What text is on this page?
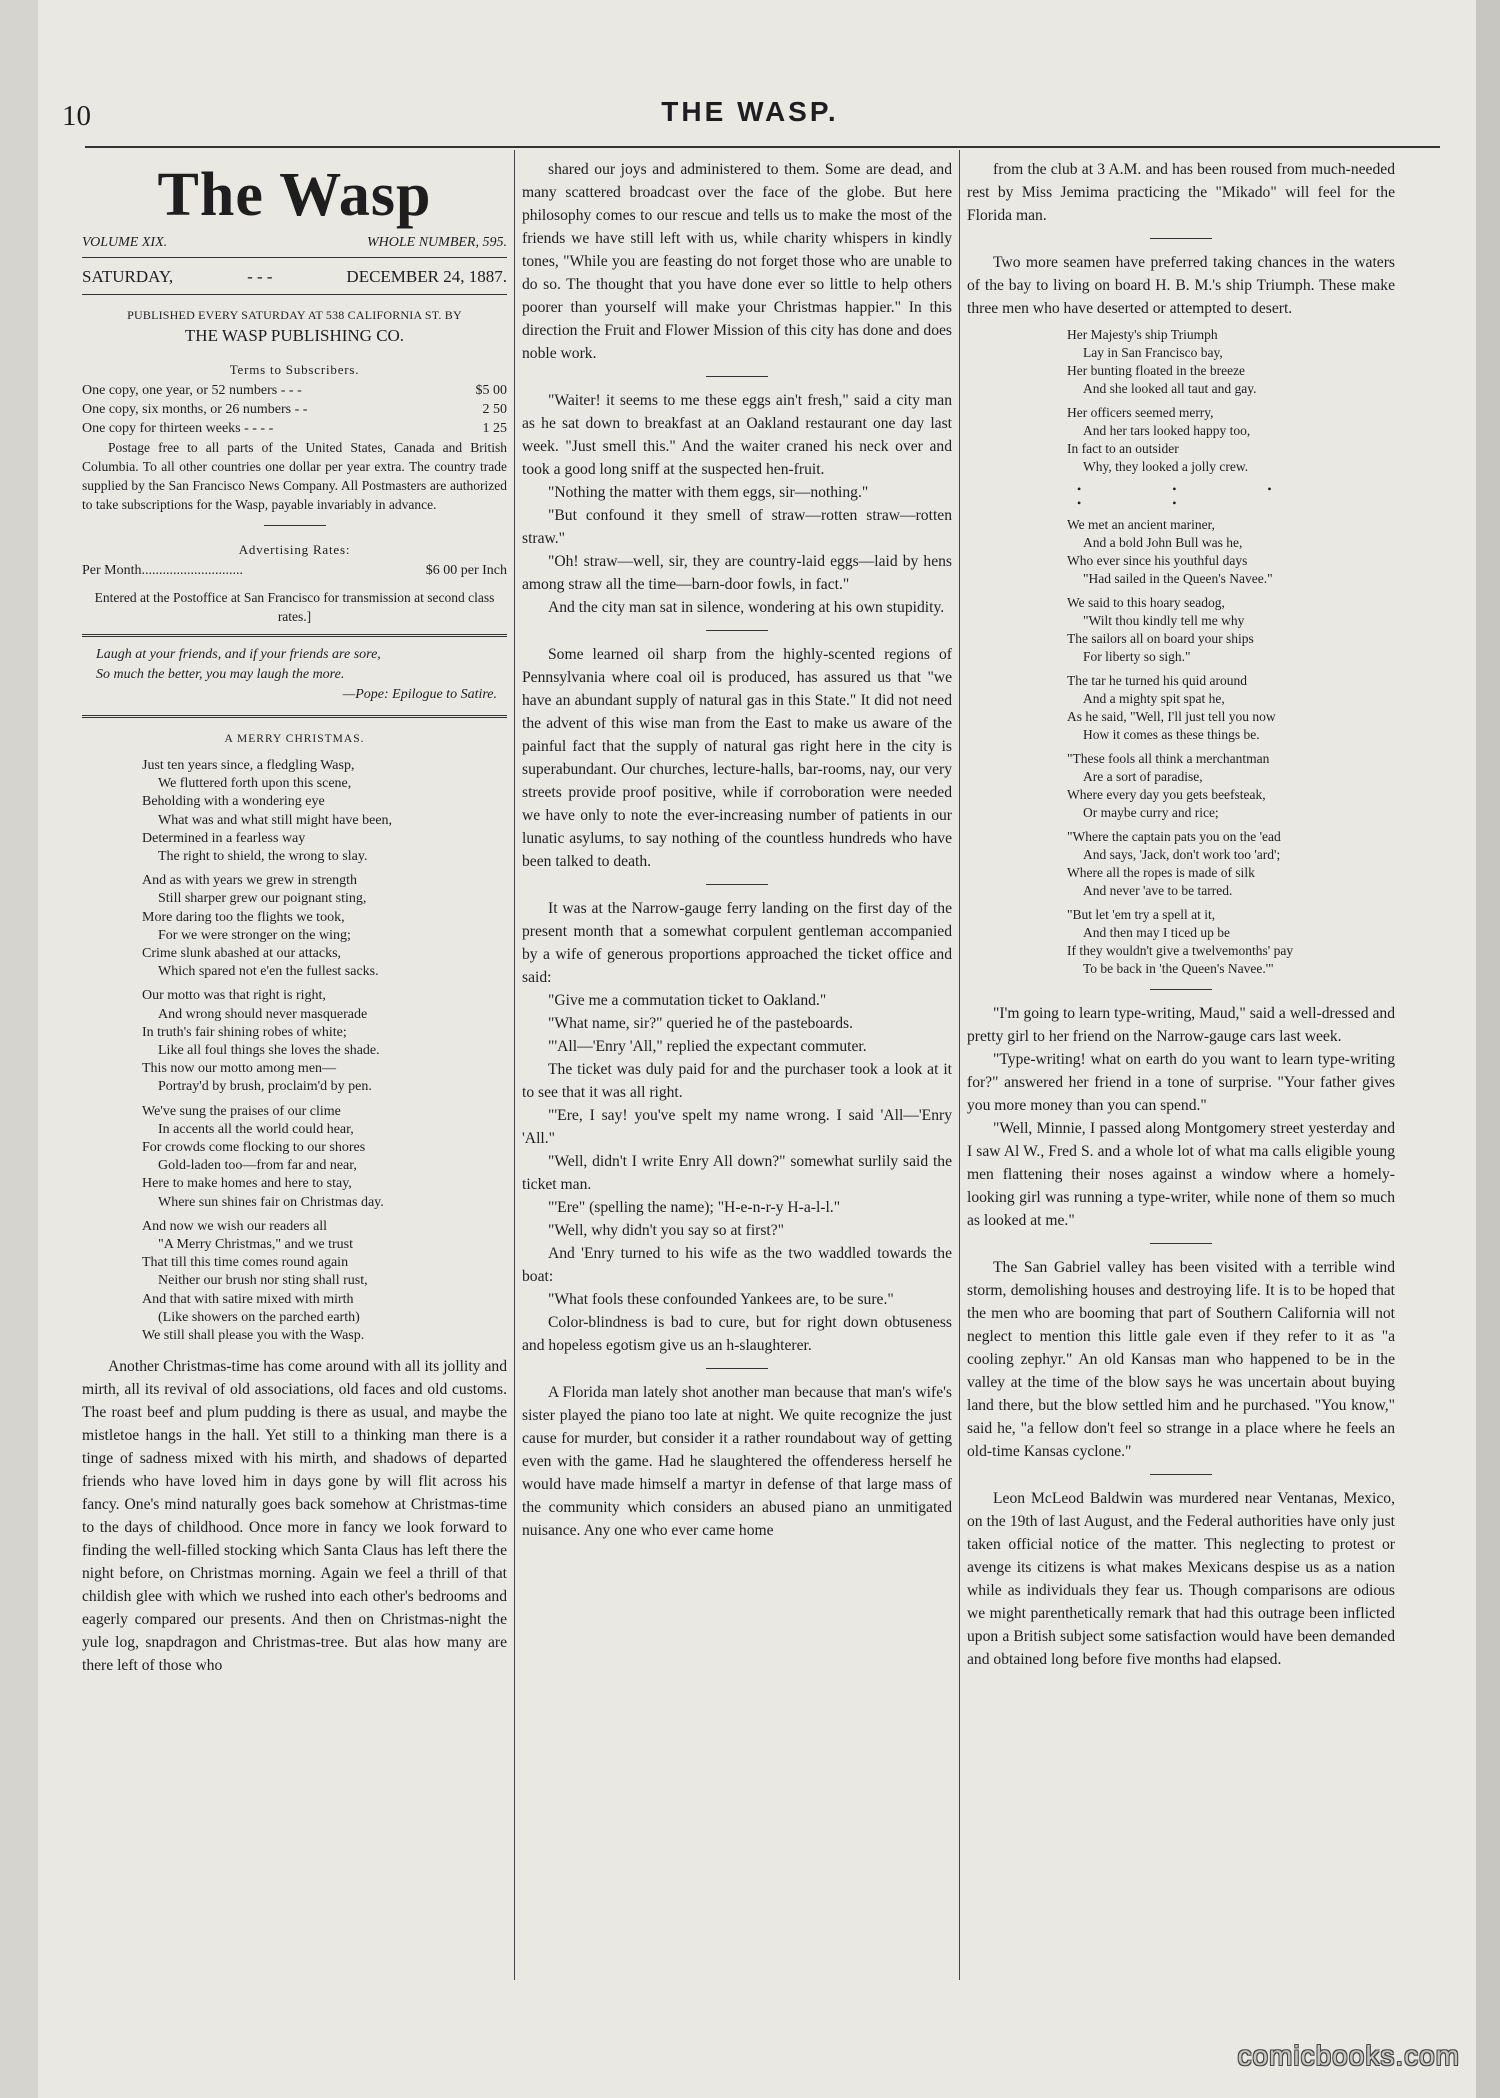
10	THE WASP.
The Wasp
VOLUME XIX.	WHOLE NUMBER, 595.
SATURDAY,	- - -	DECEMBER 24, 1887.
PUBLISHED EVERY SATURDAY AT 538 CALIFORNIA ST. BY
THE WASP PUBLISHING CO.
Terms to Subscribers.
One copy, one year, or 52 numbers - - -	$5 00
One copy, six months, or 26 numbers - -	2 50
One copy for thirteen weeks - - - -	1 25

Postage free to all parts of the United States, Canada and British Columbia. To all other countries one dollar per year extra. The country trade supplied by the San Francisco News Company. All Postmasters are authorized to take subscriptions for the Wasp, payable invariably in advance.

Advertising Rates:
Per Month.............................	$6 00 per Inch
Entered at the Postoffice at San Francisco for transmission at second class rates.]
Laugh at your friends, and if your friends are sore,
So much the better, you may laugh the more.
—Pope: Epilogue to Satire.
A MERRY CHRISTMAS.
Just ten years since, a fledgling Wasp,
We fluttered forth upon this scene,
Beholding with a wondering eye
What was and what still might have been,
Determined in a fearless way
The right to shield, the wrong to slay.
And as with years we grew in strength
Still sharper grew our poignant sting,
More daring too the flights we took,
For we were stronger on the wing;
Crime slunk abashed at our attacks,
Which spared not e'en the fullest sacks.
Our motto was that right is right,
And wrong should never masquerade
In truth's fair shining robes of white;
Like all foul things she loves the shade.
This now our motto among men—
Portray'd by brush, proclaim'd by pen.
We've sung the praises of our clime
In accents all the world could hear,
For crowds come flocking to our shores
Gold-laden too—from far and near,
Here to make homes and here to stay,
Where sun shines fair on Christmas day.
And now we wish our readers all
"A Merry Christmas," and we trust
That till this time comes round again
Neither our brush nor sting shall rust,
And that with satire mixed with mirth
(Like showers on the parched earth)
We still shall please you with the Wasp.

Another Christmas-time has come around with all its jollity and mirth, all its revival of old associations, old faces and old customs. The roast beef and plum pudding is there as usual, and maybe the mistletoe hangs in the hall. Yet still to a thinking man there is a tinge of sadness mixed with his mirth, and shadows of departed friends who have loved him in days gone by will flit across his fancy. One's mind naturally goes back somehow at Christmas-time to the days of childhood. Once more in fancy we look forward to finding the well-filled stocking which Santa Claus has left there the night before, on Christmas morning. Again we feel a thrill of that childish glee with which we rushed into each other's bedrooms and eagerly compared our presents. And then on Christmas-night the yule log, snapdragon and Christmas-tree. But alas how many are there left of those who

shared our joys and administered to them. Some are dead, and many scattered broadcast over the face of the globe. But here philosophy comes to our rescue and tells us to make the most of the friends we have still left with us, while charity whispers in kindly tones, "While you are feasting do not forget those who are unable to do so. The thought that you have done ever so little to help others poorer than yourself will make your Christmas happier." In this direction the Fruit and Flower Mission of this city has done and does noble work.

"Waiter! it seems to me these eggs ain't fresh," said a city man as he sat down to breakfast at an Oakland restaurant one day last week. "Just smell this." And the waiter craned his neck over and took a good long sniff at the suspected hen-fruit.

"Nothing the matter with them eggs, sir—nothing."

"But confound it they smell of straw—rotten straw—rotten straw."

"Oh! straw—well, sir, they are country-laid eggs—laid by hens among straw all the time—barn-door fowls, in fact."

And the city man sat in silence, wondering at his own stupidity.

Some learned oil sharp from the highly-scented regions of Pennsylvania where coal oil is produced, has assured us that "we have an abundant supply of natural gas in this State." It did not need the advent of this wise man from the East to make us aware of the painful fact that the supply of natural gas right here in the city is superabundant. Our churches, lecture-halls, bar-rooms, nay, our very streets provide proof positive, while if corroboration were needed we have only to note the ever-increasing number of patients in our lunatic asylums, to say nothing of the countless hundreds who have been talked to death.

It was at the Narrow-gauge ferry landing on the first day of the present month that a somewhat corpulent gentleman accompanied by a wife of generous proportions approached the ticket office and said:

"Give me a commutation ticket to Oakland."

"What name, sir?" queried he of the pasteboards.

"'All—'Enry 'All," replied the expectant commuter.

The ticket was duly paid for and the purchaser took a look at it to see that it was all right.

"'Ere, I say! you've spelt my name wrong. I said 'All—'Enry 'All."

"Well, didn't I write Enry All down?" somewhat surlily said the ticket man.

"'Ere" (spelling the name); "H-e-n-r-y H-a-l-l."

"Well, why didn't you say so at first?"

And 'Enry turned to his wife as the two waddled towards the boat:

"What fools these confounded Yankees are, to be sure."

Color-blindness is bad to cure, but for right down obtuseness and hopeless egotism give us an h-slaughterer.

A Florida man lately shot another man because that man's wife's sister played the piano too late at night. We quite recognize the just cause for murder, but consider it a rather roundabout way of getting even with the game. Had he slaughtered the offenderess herself he would have made himself a martyr in defense of that large mass of the community which considers an abused piano an unmitigated nuisance. Any one who ever came home

from the club at 3 A.M. and has been roused from much-needed rest by Miss Jemima practicing the "Mikado" will feel for the Florida man.

Two more seamen have preferred taking chances in the waters of the bay to living on board H. B. M.'s ship Triumph. These make three men who have deserted or attempted to desert.

Her Majesty's ship Triumph
Lay in San Francisco bay,
Her bunting floated in the breeze
And she looked all taut and gay.
Her officers seemed merry,
And her tars looked happy too,
In fact to an outsider
Why, they looked a jolly crew.
• • • • •
We met an ancient mariner,
And a bold John Bull was he,
Who ever since his youthful days
"Had sailed in the Queen's Navee."
We said to this hoary seadog,
"Wilt thou kindly tell me why
The sailors all on board your ships
For liberty so sigh."
The tar he turned his quid around
And a mighty spit spat he,
As he said, "Well, I'll just tell you now
How it comes as these things be.
"These fools all think a merchantman
Are a sort of paradise,
Where every day you gets beefsteak,
Or maybe curry and rice;
"Where the captain pats you on the 'ead
And says, 'Jack, don't work too 'ard';
Where all the ropes is made of silk
And never 'ave to be tarred.
"But let 'em try a spell at it,
And then may I ticed up be
If they wouldn't give a twelvemonths' pay
To be back in 'the Queen's Navee.'"

"I'm going to learn type-writing, Maud," said a well-dressed and pretty girl to her friend on the Narrow-gauge cars last week.

"Type-writing! what on earth do you want to learn type-writing for?" answered her friend in a tone of surprise. "Your father gives you more money than you can spend."

"Well, Minnie, I passed along Montgomery street yesterday and I saw Al W., Fred S. and a whole lot of what ma calls eligible young men flattening their noses against a window where a homely-looking girl was running a type-writer, while none of them so much as looked at me."

The San Gabriel valley has been visited with a terrible wind storm, demolishing houses and destroying life. It is to be hoped that the men who are booming that part of Southern California will not neglect to mention this little gale even if they refer to it as "a cooling zephyr." An old Kansas man who happened to be in the valley at the time of the blow says he was uncertain about buying land there, but the blow settled him and he purchased. "You know," said he, "a fellow don't feel so strange in a place where he feels an old-time Kansas cyclone."

Leon McLeod Baldwin was murdered near Ventanas, Mexico, on the 19th of last August, and the Federal authorities have only just taken official notice of the matter. This neglecting to protest or avenge its citizens is what makes Mexicans despise us as a nation while as individuals they fear us. Though comparisons are odious we might parenthetically remark that had this outrage been inflicted upon a British subject some satisfaction would have been demanded and obtained long before five months had elapsed.

comicbooks.com
